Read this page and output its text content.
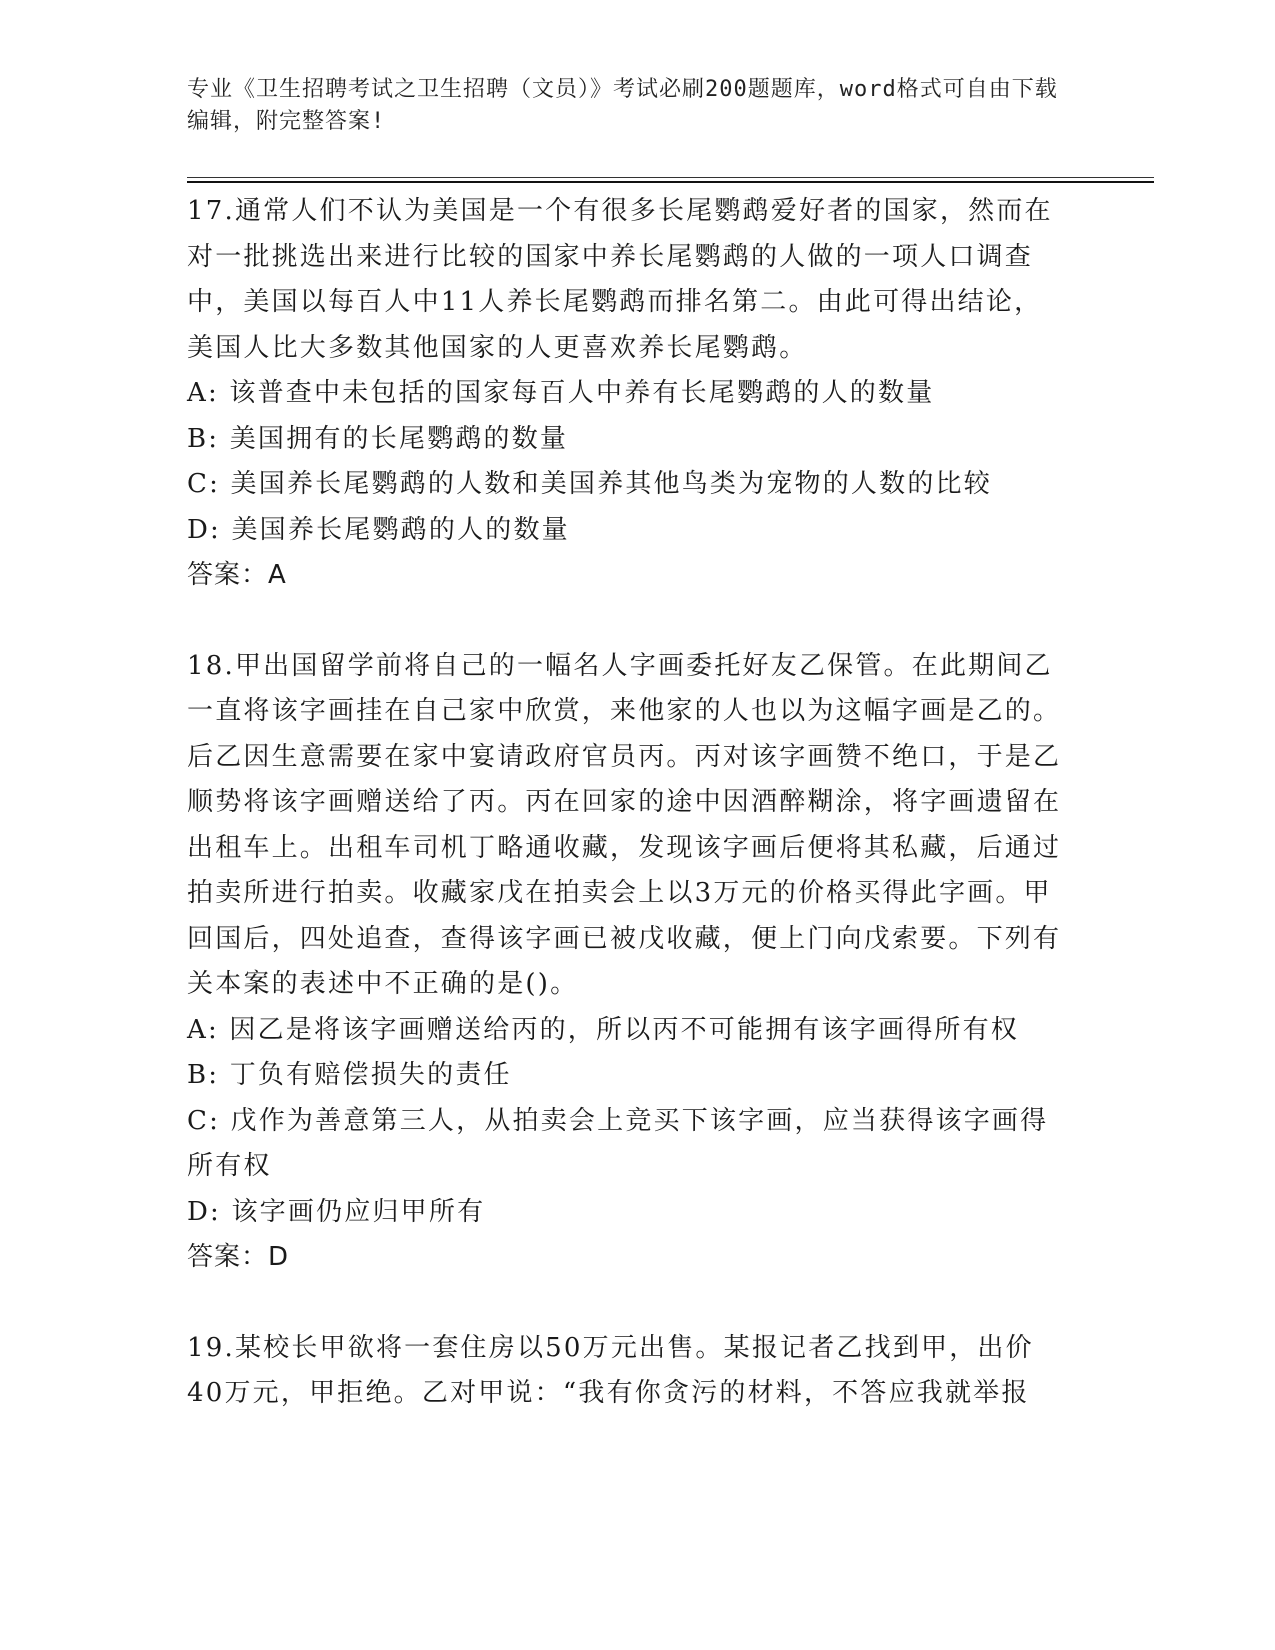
专业《卫生招聘考试之卫生招聘（文员）》考试必刷200题题库，word格式可自由下载编辑，附完整答案!

17.通常人们不认为美国是一个有很多长尾鹦鹉爱好者的国家，然而在对一批挑选出来进行比较的国家中养长尾鹦鹉的人做的一项人口调查中，美国以每百人中11人养长尾鹦鹉而排名第二。由此可得出结论，美国人比大多数其他国家的人更喜欢养长尾鹦鹉。

A: 该普查中未包括的国家每百人中养有长尾鹦鹉的人的数量

B: 美国拥有的长尾鹦鹉的数量

C: 美国养长尾鹦鹉的人数和美国养其他鸟类为宠物的人数的比较

D: 美国养长尾鹦鹉的人的数量

答案：A

18.甲出国留学前将自己的一幅名人字画委托好友乙保管。在此期间乙一直将该字画挂在自己家中欣赏，来他家的人也以为这幅字画是乙的。后乙因生意需要在家中宴请政府官员丙。丙对该字画赞不绝口，于是乙顺势将该字画赠送给了丙。丙在回家的途中因酒醉糊涂，将字画遗留在出租车上。出租车司机丁略通收藏，发现该字画后便将其私藏，后通过拍卖所进行拍卖。收藏家戊在拍卖会上以3万元的价格买得此字画。甲回国后，四处追查，查得该字画已被戊收藏，便上门向戊索要。下列有关本案的表述中不正确的是()。

A: 因乙是将该字画赠送给丙的，所以丙不可能拥有该字画得所有权

B: 丁负有赔偿损失的责任

C: 戊作为善意第三人，从拍卖会上竞买下该字画，应当获得该字画得所有权

D: 该字画仍应归甲所有

答案：D

19.某校长甲欲将一套住房以50万元出售。某报记者乙找到甲，出价40万元，甲拒绝。乙对甲说：“我有你贪污的材料，不答应我就举报
